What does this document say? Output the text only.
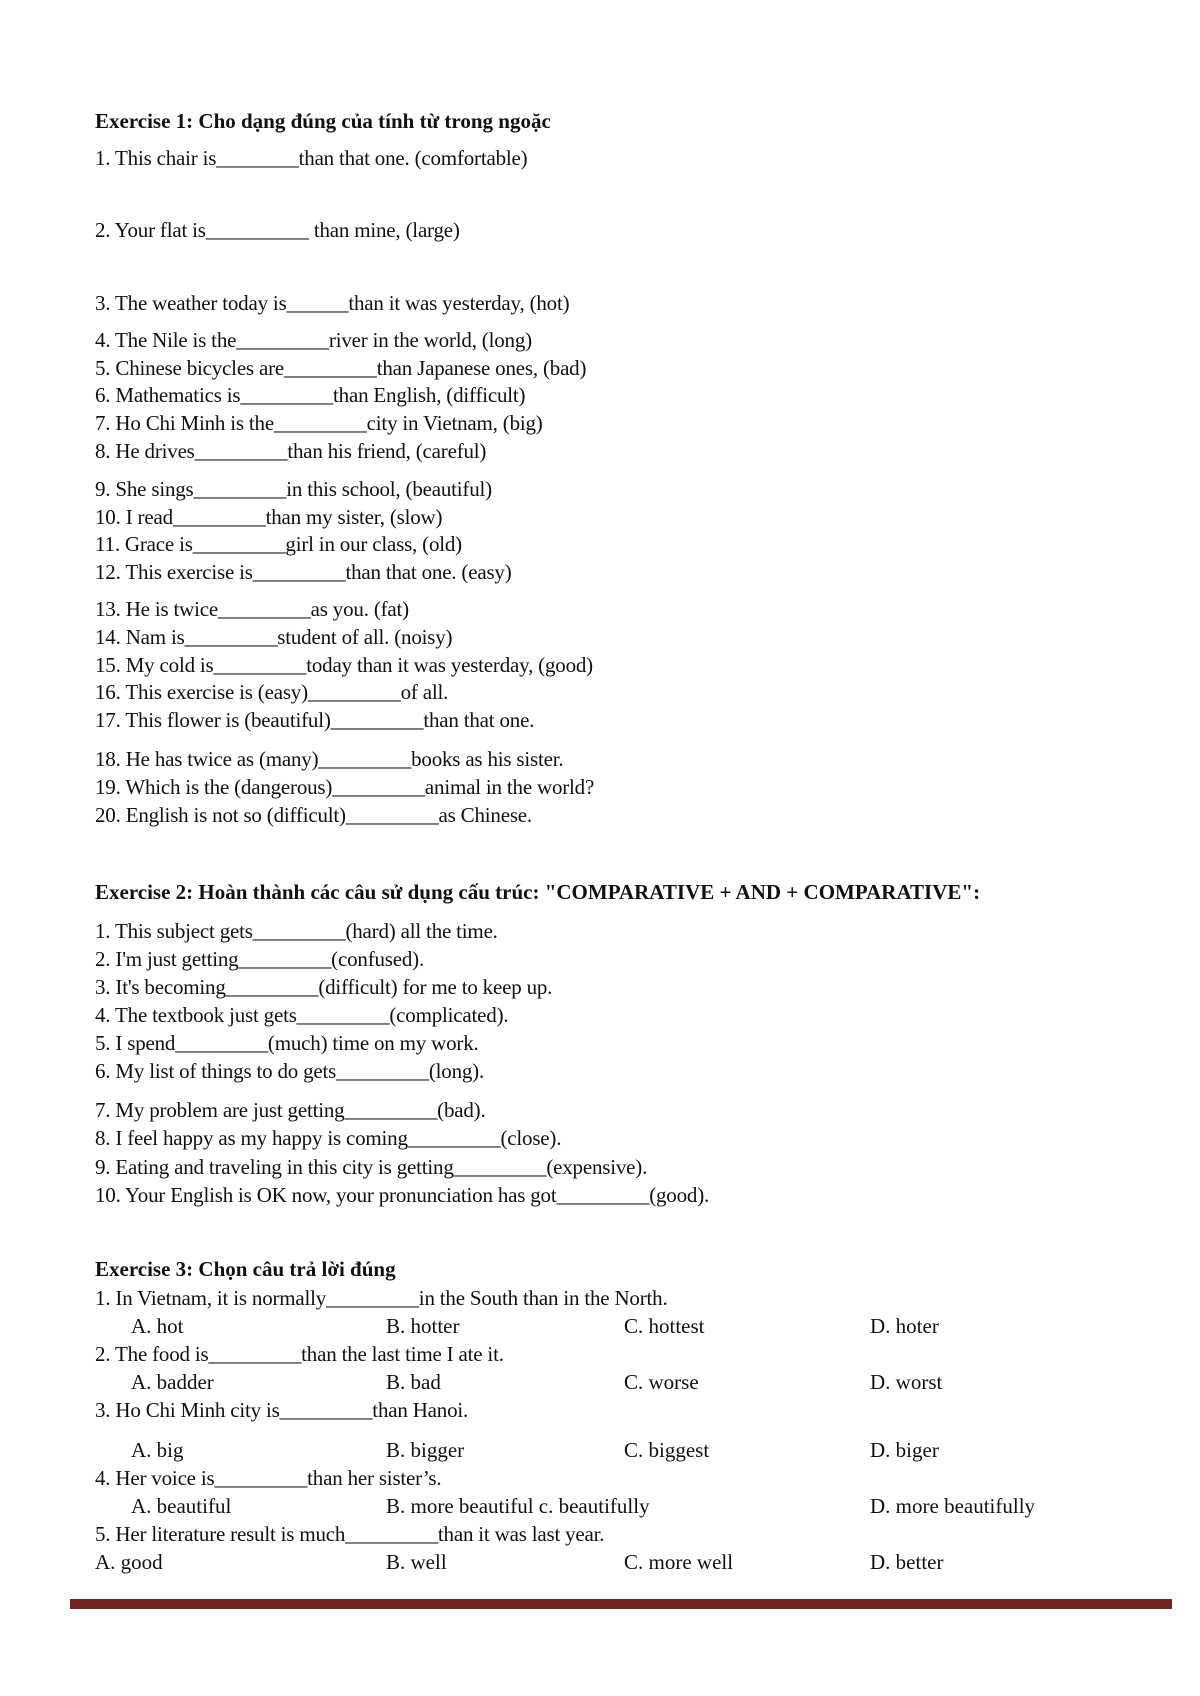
Exercise 1: Cho dạng đúng của tính từ trong ngoặc
1. This chair is________than that one. (comfortable)
2. Your flat is__________ than mine, (large)
3. The weather today is______than it was yesterday, (hot)
4. The Nile is the_________river in the world, (long)
5. Chinese bicycles are_________than Japanese ones, (bad)
6. Mathematics is_________than English, (difficult)
7. Ho Chi Minh is the_________city in Vietnam, (big)
8. He drives_________than his friend, (careful)
9. She sings_________in this school, (beautiful)
10. I read_________than my sister, (slow)
11. Grace is_________girl in our class, (old)
12. This exercise is_________than that one. (easy)
13. He is twice_________as you. (fat)
14. Nam is_________student of all. (noisy)
15. My cold is_________today than it was yesterday, (good)
16. This exercise is (easy)_________of all.
17. This flower is (beautiful)_________than that one.
18. He has twice as (many)_________books as his sister.
19. Which is the (dangerous)_________animal in the world?
20. English is not so (difficult)_________as Chinese.
Exercise 2: Hoàn thành các câu sử dụng cấu trúc: "COMPARATIVE + AND + COMPARATIVE":
1. This subject gets_________(hard) all the time.
2. I'm just getting_________(confused).
3. It's becoming_________(difficult) for me to keep up.
4. The textbook just gets_________(complicated).
5. I spend_________(much) time on my work.
6. My list of things to do gets_________(long).
7. My problem are just getting_________(bad).
8. I feel happy as my happy is coming_________(close).
9. Eating and traveling in this city is getting_________(expensive).
10. Your English is OK now, your pronunciation has got_________(good).
Exercise 3: Chọn câu trả lời đúng
1. In Vietnam, it is normally_________in the South than in the North.
A. hot	B. hotter	C. hottest	D. hoter
2. The food is_________than the last time I ate it.
A. badder	B. bad	C. worse	D. worst
3. Ho Chi Minh city is_________than Hanoi.
A. big	B. bigger	C. biggest	D. biger
4. Her voice is_________than her sister’s.
A. beautiful	B. more beautiful c. beautifully	D. more beautifully
5. Her literature result is much_________than it was last year.
A. good	B. well	C. more well	D. better
